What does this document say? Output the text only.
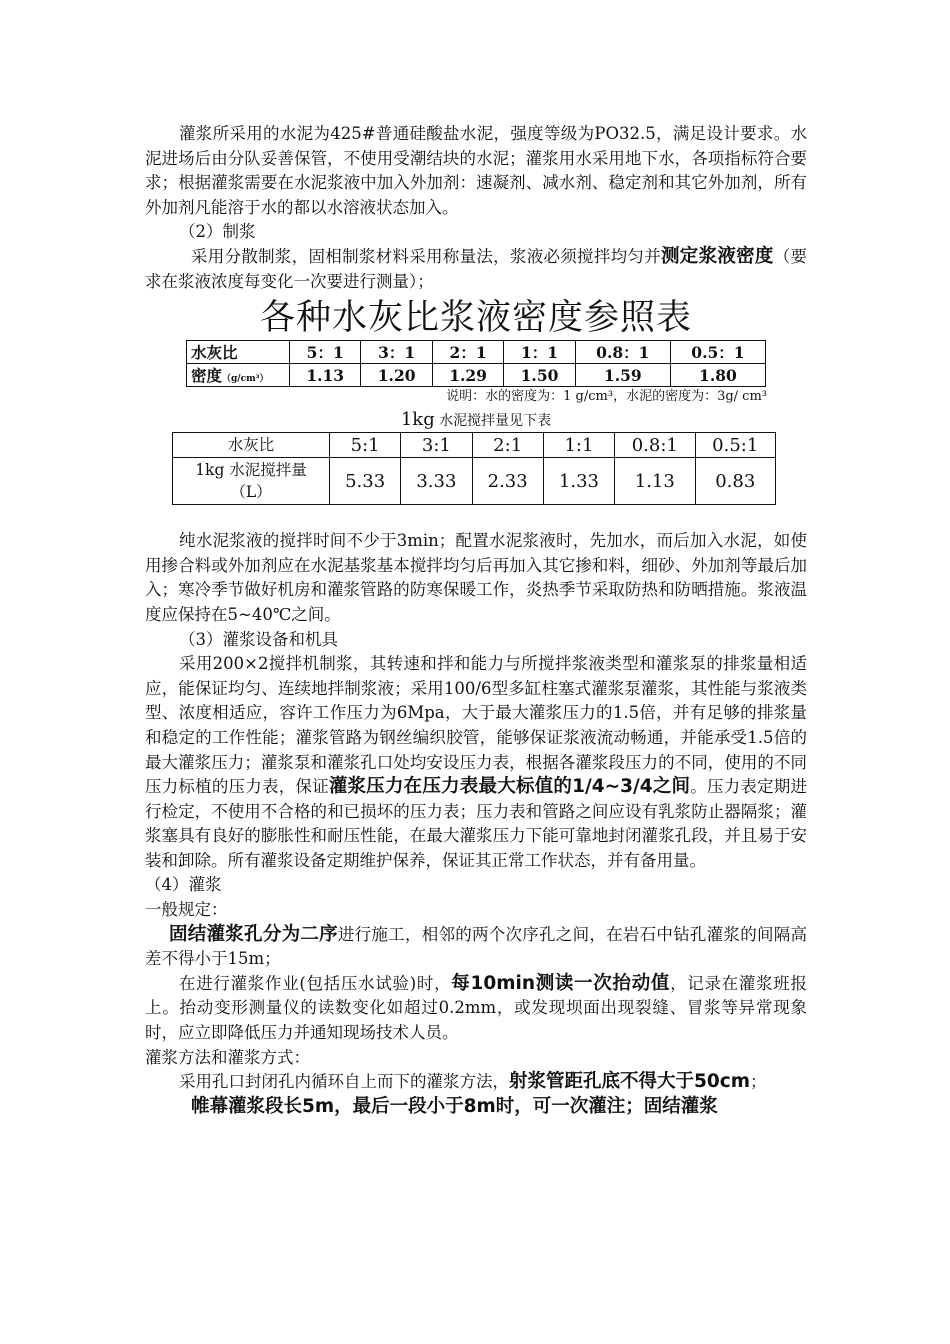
灌浆所采用的水泥为425#普通硅酸盐水泥，强度等级为PO32.5，满足设计要求。水泥进场后由分队妥善保管，不使用受潮结块的水泥；灌浆用水采用地下水，各项指标符合要求；根据灌浆需要在水泥浆液中加入外加剂：速凝剂、减水剂、稳定剂和其它外加剂，所有外加剂凡能溶于水的都以水溶液状态加入。

（2）制浆

采用分散制浆，固相制浆材料采用称量法，浆液必须搅拌均匀并测定浆液密度（要求在浆液浓度每变化一次要进行测量）；

各种水灰比浆液密度参照表
水灰比	5：1	3：1	2：1	1：1	0.8：1	0.5：1
密度（g/cm³）	1.13	1.20	1.29	1.50	1.59	1.80
说明：水的密度为：1 g/cm³，水泥的密度为：3g/ cm³
1kg 水泥搅拌量见下表
水灰比	5:1	3:1	2:1	1:1	0.8:1	0.5:1
1kg 水泥搅拌量
（L）	5.33	3.33	2.33	1.33	1.13	0.83

纯水泥浆液的搅拌时间不少于3min；配置水泥浆液时，先加水，而后加入水泥，如使用掺合料或外加剂应在水泥基浆基本搅拌均匀后再加入其它掺和料，细砂、外加剂等最后加入；寒冷季节做好机房和灌浆管路的防寒保暖工作，炎热季节采取防热和防晒措施。浆液温度应保持在5~40℃之间。

（3）灌浆设备和机具

采用200×2搅拌机制浆，其转速和拌和能力与所搅拌浆液类型和灌浆泵的排浆量相适应，能保证均匀、连续地拌制浆液；采用100/6型多缸柱塞式灌浆泵灌浆，其性能与浆液类型、浓度相适应，容许工作压力为6Mpa，大于最大灌浆压力的1.5倍，并有足够的排浆量和稳定的工作性能；灌浆管路为钢丝编织胶管，能够保证浆液流动畅通，并能承受1.5倍的最大灌浆压力；灌浆泵和灌浆孔口处均安设压力表，根据各灌浆段压力的不同，使用的不同压力标植的压力表，保证灌浆压力在压力表最大标值的1/4~3/4之间。压力表定期进行检定，不使用不合格的和已损坏的压力表；压力表和管路之间应设有乳浆防止器隔浆；灌浆塞具有良好的膨胀性和耐压性能，在最大灌浆压力下能可靠地封闭灌浆孔段，并且易于安装和卸除。所有灌浆设备定期维护保养，保证其正常工作状态，并有备用量。

（4）灌浆

一般规定：

固结灌浆孔分为二序进行施工，相邻的两个次序孔之间，在岩石中钻孔灌浆的间隔高差不得小于15m；

在进行灌浆作业(包括压水试验)时，每10min测读一次抬动值，记录在灌浆班报上。抬动变形测量仪的读数变化如超过0.2mm，或发现坝面出现裂缝、冒浆等异常现象时，应立即降低压力并通知现场技术人员。

灌浆方法和灌浆方式：

采用孔口封闭孔内循环自上而下的灌浆方法，射浆管距孔底不得大于50cm；

帷幕灌浆段长5m，最后一段小于8m时，可一次灌注；固结灌浆
